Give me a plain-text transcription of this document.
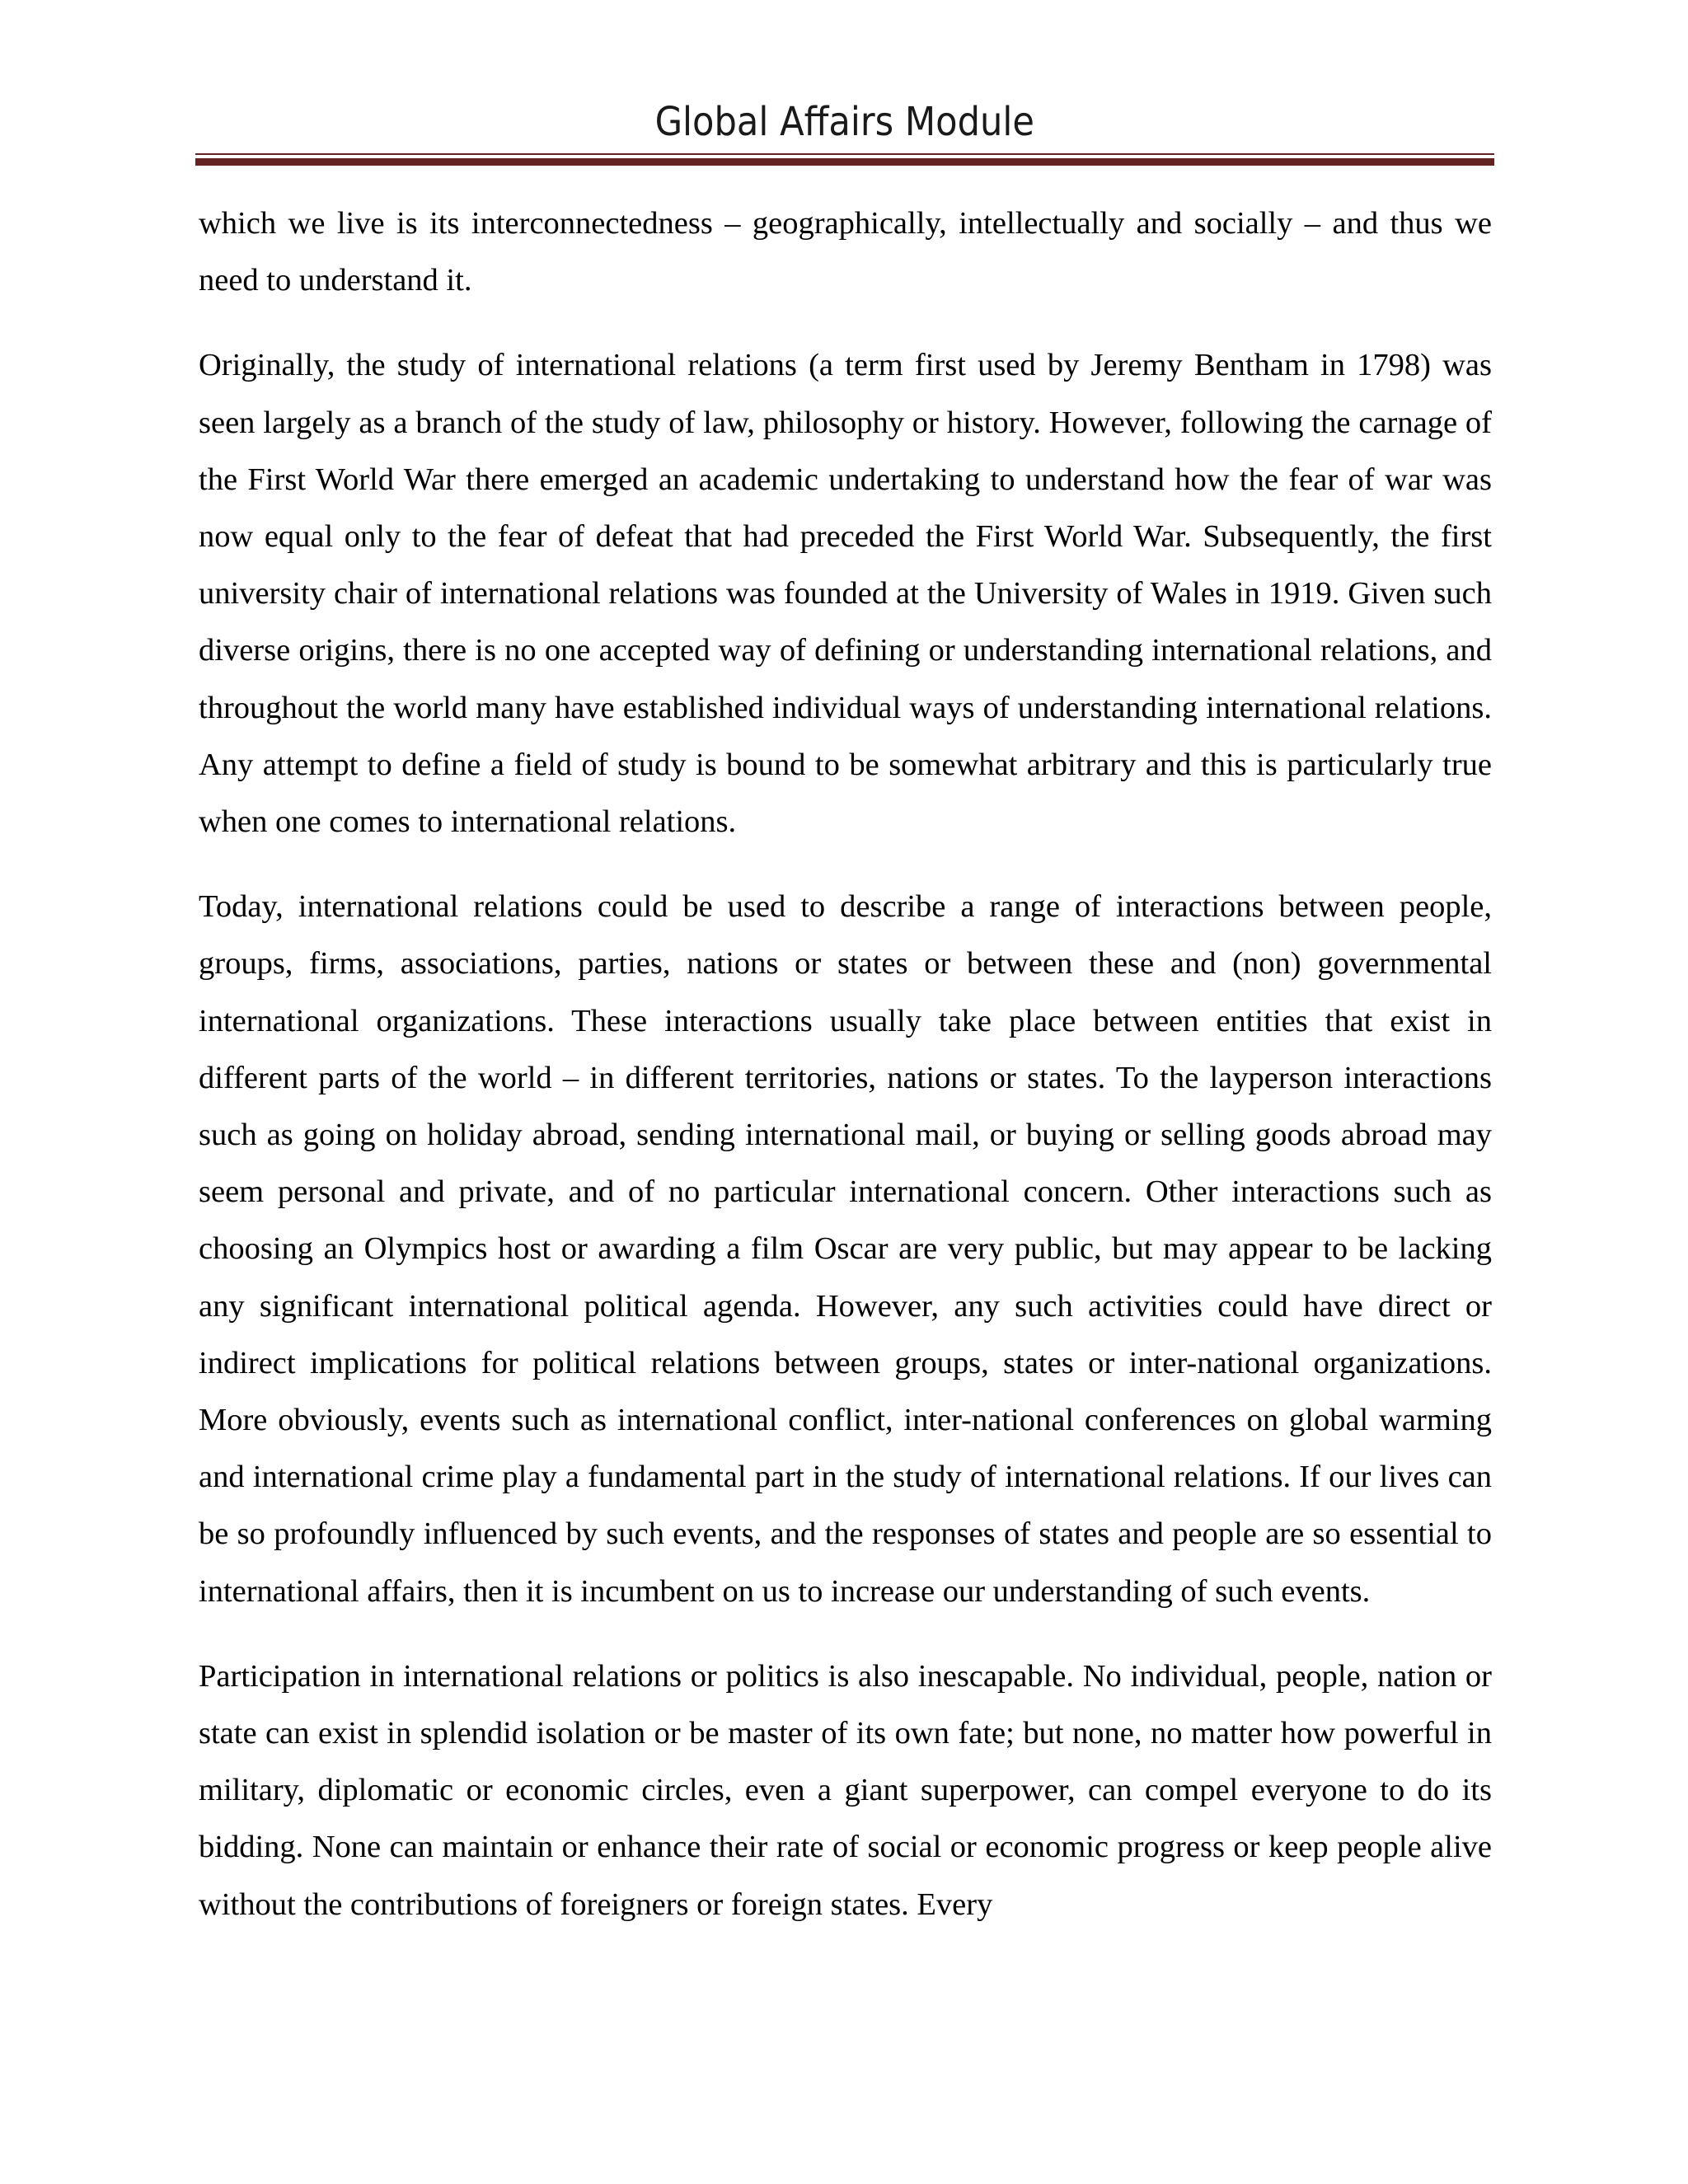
Global Affairs Module

which we live is its interconnectedness – geographically, intellectually and socially – and thus we need to understand it.

Originally, the study of international relations (a term first used by Jeremy Bentham in 1798) was seen largely as a branch of the study of law, philosophy or history. However, following the carnage of the First World War there emerged an academic undertaking to understand how the fear of war was now equal only to the fear of defeat that had preceded the First World War. Subsequently, the first university chair of international relations was founded at the University of Wales in 1919. Given such diverse origins, there is no one accepted way of defining or understanding international relations, and throughout the world many have established individual ways of understanding international relations. Any attempt to define a field of study is bound to be somewhat arbitrary and this is particularly true when one comes to international relations.

Today, international relations could be used to describe a range of interactions between people, groups, firms, associations, parties, nations or states or between these and (non) governmental international organizations. These interactions usually take place between entities that exist in different parts of the world – in different territories, nations or states. To the layperson interactions such as going on holiday abroad, sending international mail, or buying or selling goods abroad may seem personal and private, and of no particular international concern. Other interactions such as choosing an Olympics host or awarding a film Oscar are very public, but may appear to be lacking any significant international political agenda. However, any such activities could have direct or indirect implications for political relations between groups, states or inter-national organizations. More obviously, events such as international conflict, inter-national conferences on global warming and international crime play a fundamental part in the study of international relations. If our lives can be so profoundly influenced by such events, and the responses of states and people are so essential to international affairs, then it is incumbent on us to increase our understanding of such events.

Participation in international relations or politics is also inescapable. No individual, people, nation or state can exist in splendid isolation or be master of its own fate; but none, no matter how powerful in military, diplomatic or economic circles, even a giant superpower, can compel everyone to do its bidding. None can maintain or enhance their rate of social or economic progress or keep people alive without the contributions of foreigners or foreign states. Every
